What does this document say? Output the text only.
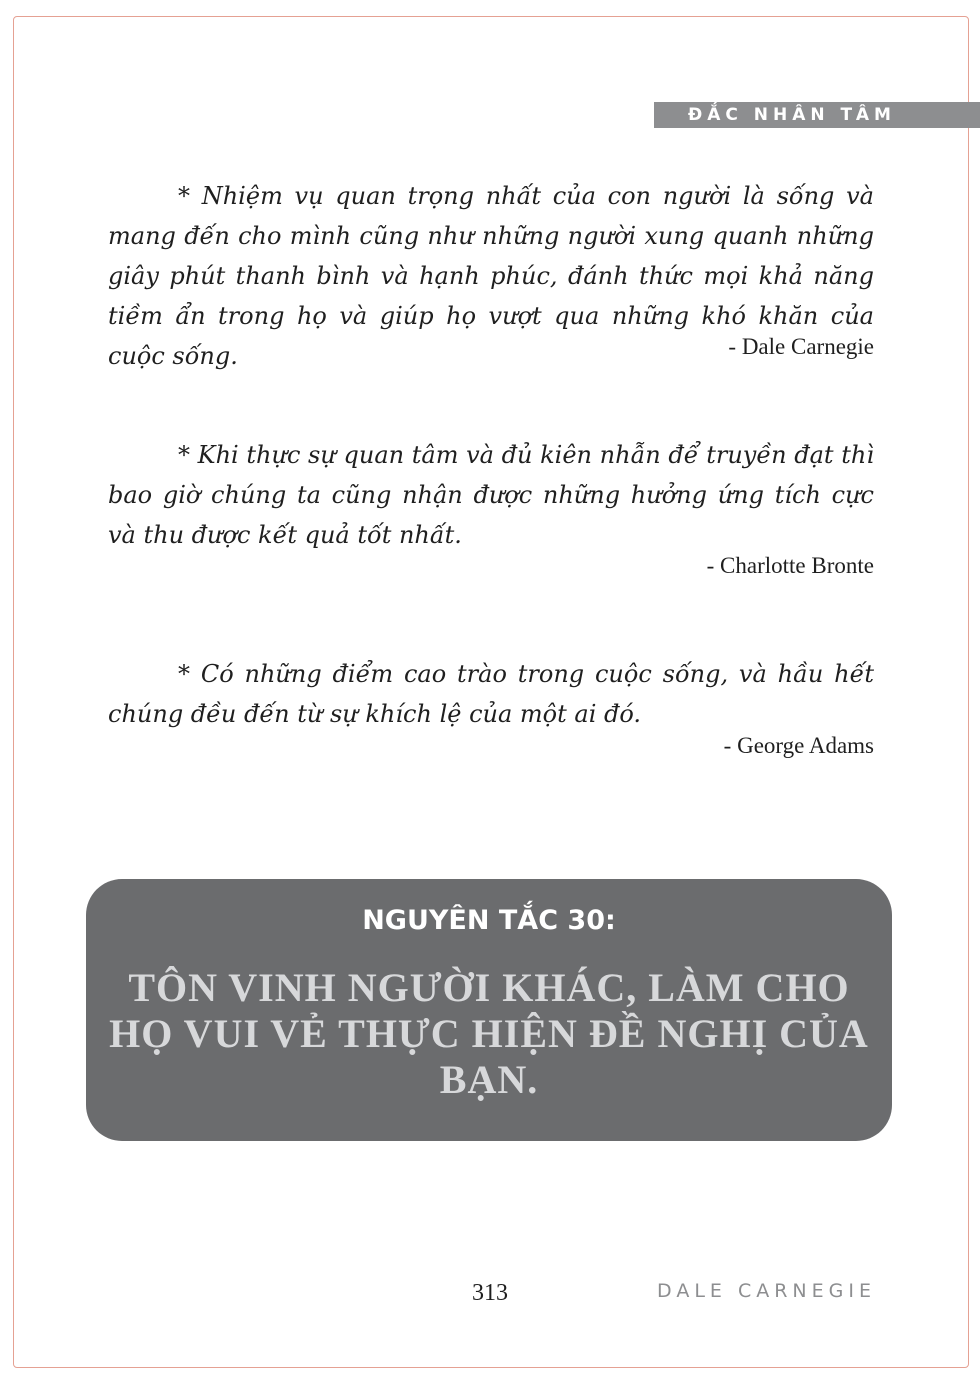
ĐẮC NHÂN TÂM

* Nhiệm vụ quan trọng nhất của con người là sống và mang đến cho mình cũng như những người xung quanh những giây phút thanh bình và hạnh phúc, đánh thức mọi khả năng tiềm ẩn trong họ và giúp họ vượt qua những khó khăn của cuộc sống.	- Dale Carnegie

* Khi thực sự quan tâm và đủ kiên nhẫn để truyền đạt thì bao giờ chúng ta cũng nhận được những hưởng ứng tích cực và thu được kết quả tốt nhất.

- Charlotte Bronte

* Có những điểm cao trào trong cuộc sống, và hầu hết chúng đều đến từ sự khích lệ của một ai đó.

- George Adams
NGUYÊN TẮC 30:
TÔN VINH NGƯỜI KHÁC, LÀM CHO HỌ VUI VẺ THỰC HIỆN ĐỀ NGHỊ CỦA BẠN.
313	DALE CARNEGIE
